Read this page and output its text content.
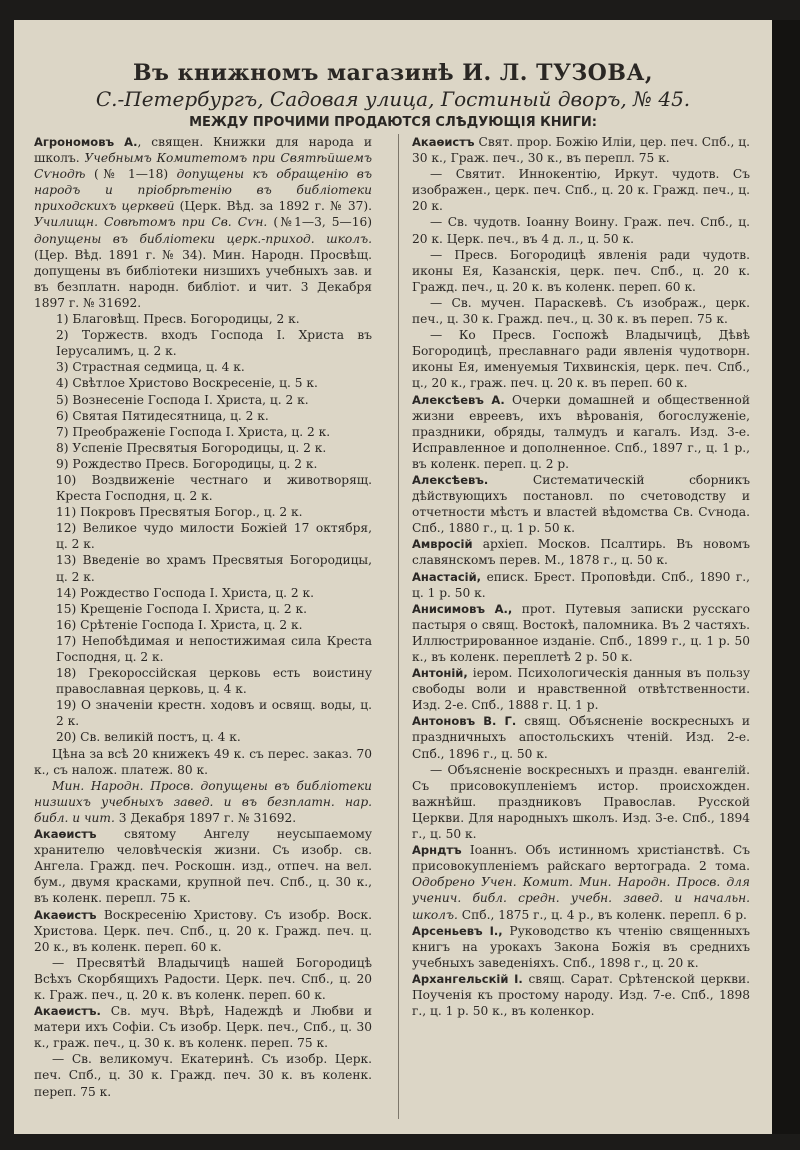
Въ книжномъ магазинѣ И. Л. ТУЗОВА,
С.-Петербургъ, Садовая улица, Гостиный дворъ, № 45.
МЕЖДУ ПРОЧИМИ ПРОДАЮТСЯ СЛѢДУЮЩІЯ КНИГИ:

Агрономовъ А., священ. Книжки для народа и школъ. Учебнымъ Комитетомъ при Святѣйшемъ Сѵнодѣ (№ 1—18) допущены къ обращенію въ народъ и пріобрѣтенію въ библіотеки приходскихъ церквей (Церк. Вѣд. за 1892 г. № 37). Училищн. Совѣтомъ при Св. Сѵн. (№1—3, 5—16) допущены въ библіотеки церк.-приход. школъ. (Цер. Вѣд. 1891 г. № 34). Мин. Народн. Просвѣщ. допущены въ библіотеки низшихъ учебныхъ зав. и въ безплатн. народн. библіот. и чит. 3 Декабря 1897 г. № 31692.

1) Благовѣщ. Пресв. Богородицы, 2 к.
2) Торжеств. входъ Господа І. Христа въ Іерусалимъ, ц. 2 к.
3) Страстная седмица, ц. 4 к.
4) Свѣтлое Христово Воскресеніе, ц. 5 к.
5) Вознесеніе Господа І. Христа, ц. 2 к.
6) Святая Пятидесятница, ц. 2 к.
7) Преображеніе Господа І. Христа, ц. 2 к.
8) Успеніе Пресвятыя Богородицы, ц. 2 к.
9) Рождество Пресв. Богородицы, ц. 2 к.
10) Воздвиженіе честнаго и животворящ. Креста Господня, ц. 2 к.
11) Покровъ Пресвятыя Богор., ц. 2 к.
12) Великое чудо милости Божіей 17 октября, ц. 2 к.
13) Введеніе во храмъ Пресвятыя Богородицы, ц. 2 к.
14) Рождество Господа І. Христа, ц. 2 к.
15) Крещеніе Господа І. Христа, ц. 2 к.
16) Срѣтеніе Господа І. Христа, ц. 2 к.
17) Непобѣдимая и непостижимая сила Креста Господня, ц. 2 к.
18) Грекороссійская церковь есть воистину православная церковь, ц. 4 к.
19) О значеніи крестн. ходовъ и освящ. воды, ц. 2 к.
20) Св. великій постъ, ц. 4 к.

Цѣна за всѣ 20 книжекъ 49 к. съ перес. заказ. 70 к., съ налож. платеж. 80 к.

Мин. Народн. Просв. допущены въ библіотеки низшихъ учебныхъ завед. и въ безплатн. нар. библ. и чит. 3 Декабря 1897 г. № 31692.

Акаѳистъ святому Ангелу неусыпаемому хранителю человѣческія жизни. Съ изобр. св. Ангела. Гражд. печ. Роскошн. изд., отпеч. на вел. бум., двумя красками, крупной печ. Спб., ц. 30 к., въ коленк. перепл. 75 к.

Акаѳистъ Воскресенію Христову. Съ изобр. Воск. Христова. Церк. печ. Спб., ц. 20 к. Гражд. печ. ц. 20 к., въ коленк. переп. 60 к.

— Пресвятѣй Владычицѣ нашей Богородицѣ Всѣхъ Скорбящихъ Радости. Церк. печ. Спб., ц. 20 к. Граж. печ., ц. 20 к. въ коленк. переп. 60 к.

Акаѳистъ. Св. муч. Вѣрѣ, Надеждѣ и Любви и матери ихъ Софіи. Съ изобр. Церк. печ., Спб., ц. 30 к., граж. печ., ц. 30 к. въ коленк. переп. 75 к.

— Св. великомуч. Екатеринѣ. Съ изобр. Церк. печ. Спб., ц. 30 к. Гражд. печ. 30 к. въ коленк. переп. 75 к.

Акаѳистъ Свят. прор. Божію Иліи, цер. печ. Спб., ц. 30 к., Граж. печ., 30 к., въ перепл. 75 к.

— Святит. Иннокентію, Иркут. чудотв. Съ изображен., церк. печ. Спб., ц. 20 к. Гражд. печ., ц. 20 к.

— Св. чудотв. Іоанну Воину. Граж. печ. Спб., ц. 20 к. Церк. печ., въ 4 д. л., ц. 50 к.

— Пресв. Богородицѣ явленія ради чудотв. иконы Ея, Казанскія, церк. печ. Спб., ц. 20 к. Гражд. печ., ц. 20 к. въ коленк. переп. 60 к.

— Св. мучен. Параскевѣ. Съ изображ., церк. печ., ц. 30 к. Гражд. печ., ц. 30 к. въ переп. 75 к.

— Ко Пресв. Госпожѣ Владычицѣ, Дѣвѣ Богородицѣ, преславнаго ради явленія чудотворн. иконы Ея, именуемыя Тихвинскія, церк. печ. Спб., ц., 20 к., граж. печ. ц. 20 к. въ переп. 60 к.

Алексѣевъ А. Очерки домашней и общественной жизни евреевъ, ихъ вѣрованія, богослуженіе, праздники, обряды, талмудъ и кагалъ. Изд. 3-е. Исправленное и дополненное. Спб., 1897 г., ц. 1 р., въ коленк. переп. ц. 2 р.

Алексѣевъ.	Систематическій сборникъ дѣйствующихъ постановл. по счетоводству и отчетности мѣстъ и властей вѣдомства Св. Сѵнода. Спб., 1880 г., ц. 1 р. 50 к.

Амвросій архіеп. Москов. Псалтирь. Въ новомъ славянскомъ перев. М., 1878 г., ц. 50 к.

Анастасій, еписк. Брест. Проповѣди. Спб., 1890 г., ц. 1 р. 50 к.

Анисимовъ А., прот. Путевыя записки русскаго пастыря о свящ. Востокѣ, паломника. Въ 2 частяхъ. Иллюстрированное изданіе. Спб., 1899 г., ц. 1 р. 50 к., въ коленк. переплетѣ 2 р. 50 к.

Антоній, іером. Психологическія данныя въ пользу свободы воли и нравственной отвѣтственности. Изд. 2-е. Спб., 1888 г. Ц. 1 р.

Антоновъ В. Г. свящ. Объясненіе воскресныхъ и праздничныхъ апостольскихъ чтеній. Изд. 2-е. Спб., 1896 г., ц. 50 к.

— Объясненіе воскресныхъ и праздн. евангелій. Съ присовокупленіемъ истор. происхожден. важнѣйш. праздниковъ Православ. Русской Церкви. Для народныхъ школъ. Изд. 3-е. Спб., 1894 г., ц. 50 к.

Арндтъ Іоаннъ. Объ истинномъ христіанствѣ. Съ присовокупленіемъ райскаго вертограда. 2 тома. Одобрено Учен. Комит. Мин. Народн. Просв. для ученич. библ. средн. учебн. завед. и начальн. школъ. Спб., 1875 г., ц. 4 р., въ коленк. перепл. 6 р.

Арсеньевъ І., Руководство къ чтенію священныхъ книгъ на урокахъ Закона Божія въ среднихъ учебныхъ заведеніяхъ. Спб., 1898 г., ц. 20 к.

Архангельскій І. свящ. Сарат. Срѣтенской церкви. Поученія къ простому народу. Изд. 7-е. Спб., 1898 г., ц. 1 р. 50 к., въ коленкор.
